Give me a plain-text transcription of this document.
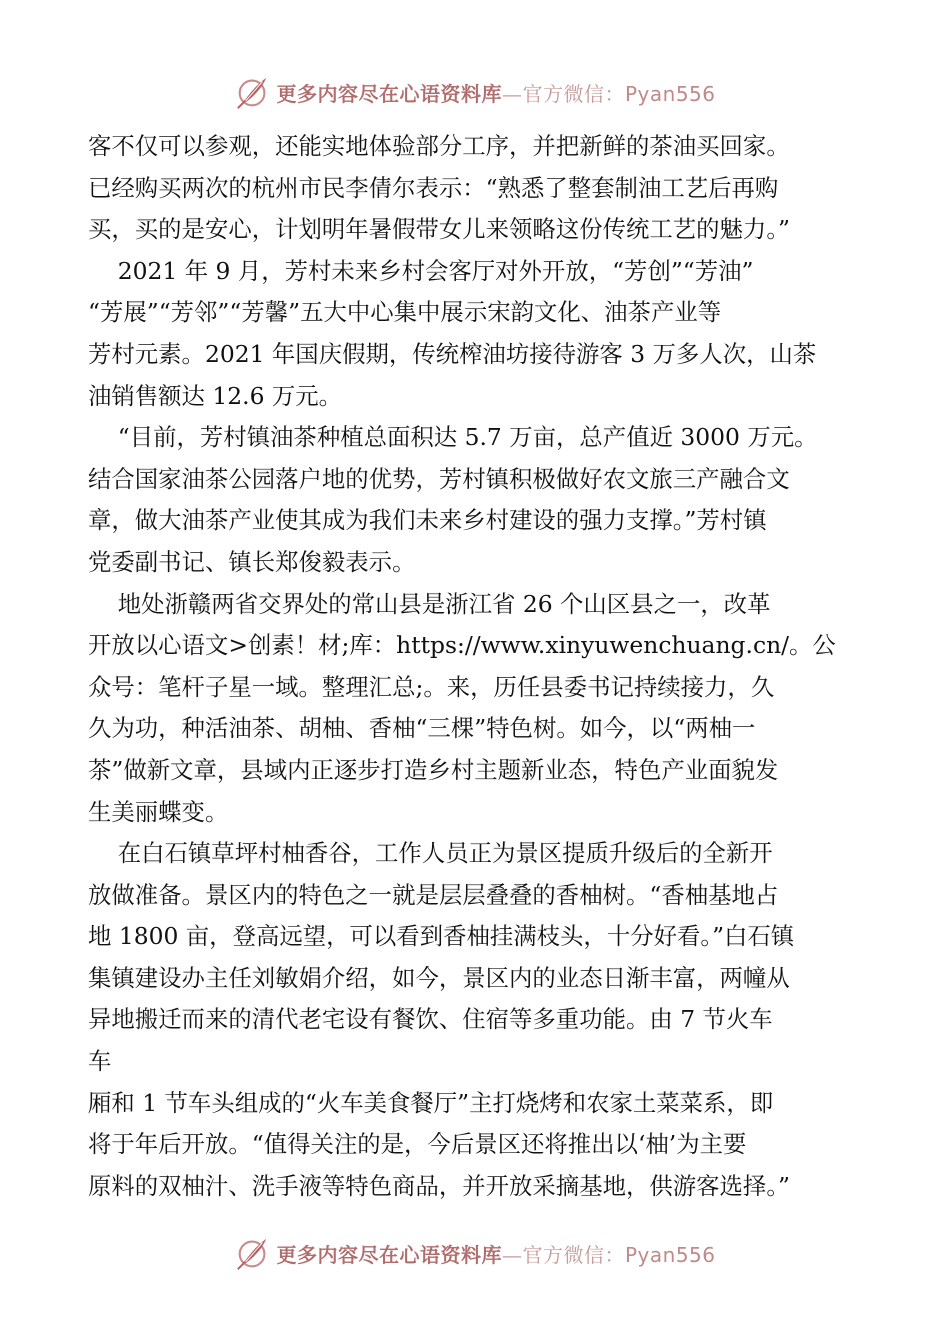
更多内容尽在心语资料库—官方微信：Pyan556

客不仅可以参观，还能实地体验部分工序，并把新鲜的茶油买回家。

已经购买两次的杭州市民李倩尔表示：“熟悉了整套制油工艺后再购

买，买的是安心，计划明年暑假带女儿来领略这份传统工艺的魅力。”

2021 年 9 月，芳村未来乡村会客厅对外开放，“芳创”“芳油”

“芳展”“芳邻”“芳馨”五大中心集中展示宋韵文化、油茶产业等

芳村元素。2021 年国庆假期，传统榨油坊接待游客 3 万多人次，山茶

油销售额达 12.6 万元。

“目前，芳村镇油茶种植总面积达 5.7 万亩，总产值近 3000 万元。

结合国家油茶公园落户地的优势，芳村镇积极做好农文旅三产融合文

章，做大油茶产业使其成为我们未来乡村建设的强力支撑。”芳村镇

党委副书记、镇长郑俊毅表示。

地处浙赣两省交界处的常山县是浙江省 26 个山区县之一，改革

开放以心语文>创素！材;库：https://www.xinyuwenchuang.cn/。公

众号：笔杆子星一域。整理汇总;。来，历任县委书记持续接力，久

久为功，种活油茶、胡柚、香柚“三棵”特色树。如今，以“两柚一

茶”做新文章，县域内正逐步打造乡村主题新业态，特色产业面貌发

生美丽蝶变。

在白石镇草坪村柚香谷，工作人员正为景区提质升级后的全新开

放做准备。景区内的特色之一就是层层叠叠的香柚树。“香柚基地占

地 1800 亩，登高远望，可以看到香柚挂满枝头，十分好看。”白石镇

集镇建设办主任刘敏娟介绍，如今，景区内的业态日渐丰富，两幢从

异地搬迁而来的清代老宅设有餐饮、住宿等多重功能。由 7 节火车

车

厢和 1 节车头组成的“火车美食餐厅”主打烧烤和农家土菜菜系，即

将于年后开放。“值得关注的是，今后景区还将推出以‘柚’为主要

原料的双柚汁、洗手液等特色商品，并开放采摘基地，供游客选择。”

更多内容尽在心语资料库—官方微信：Pyan556
